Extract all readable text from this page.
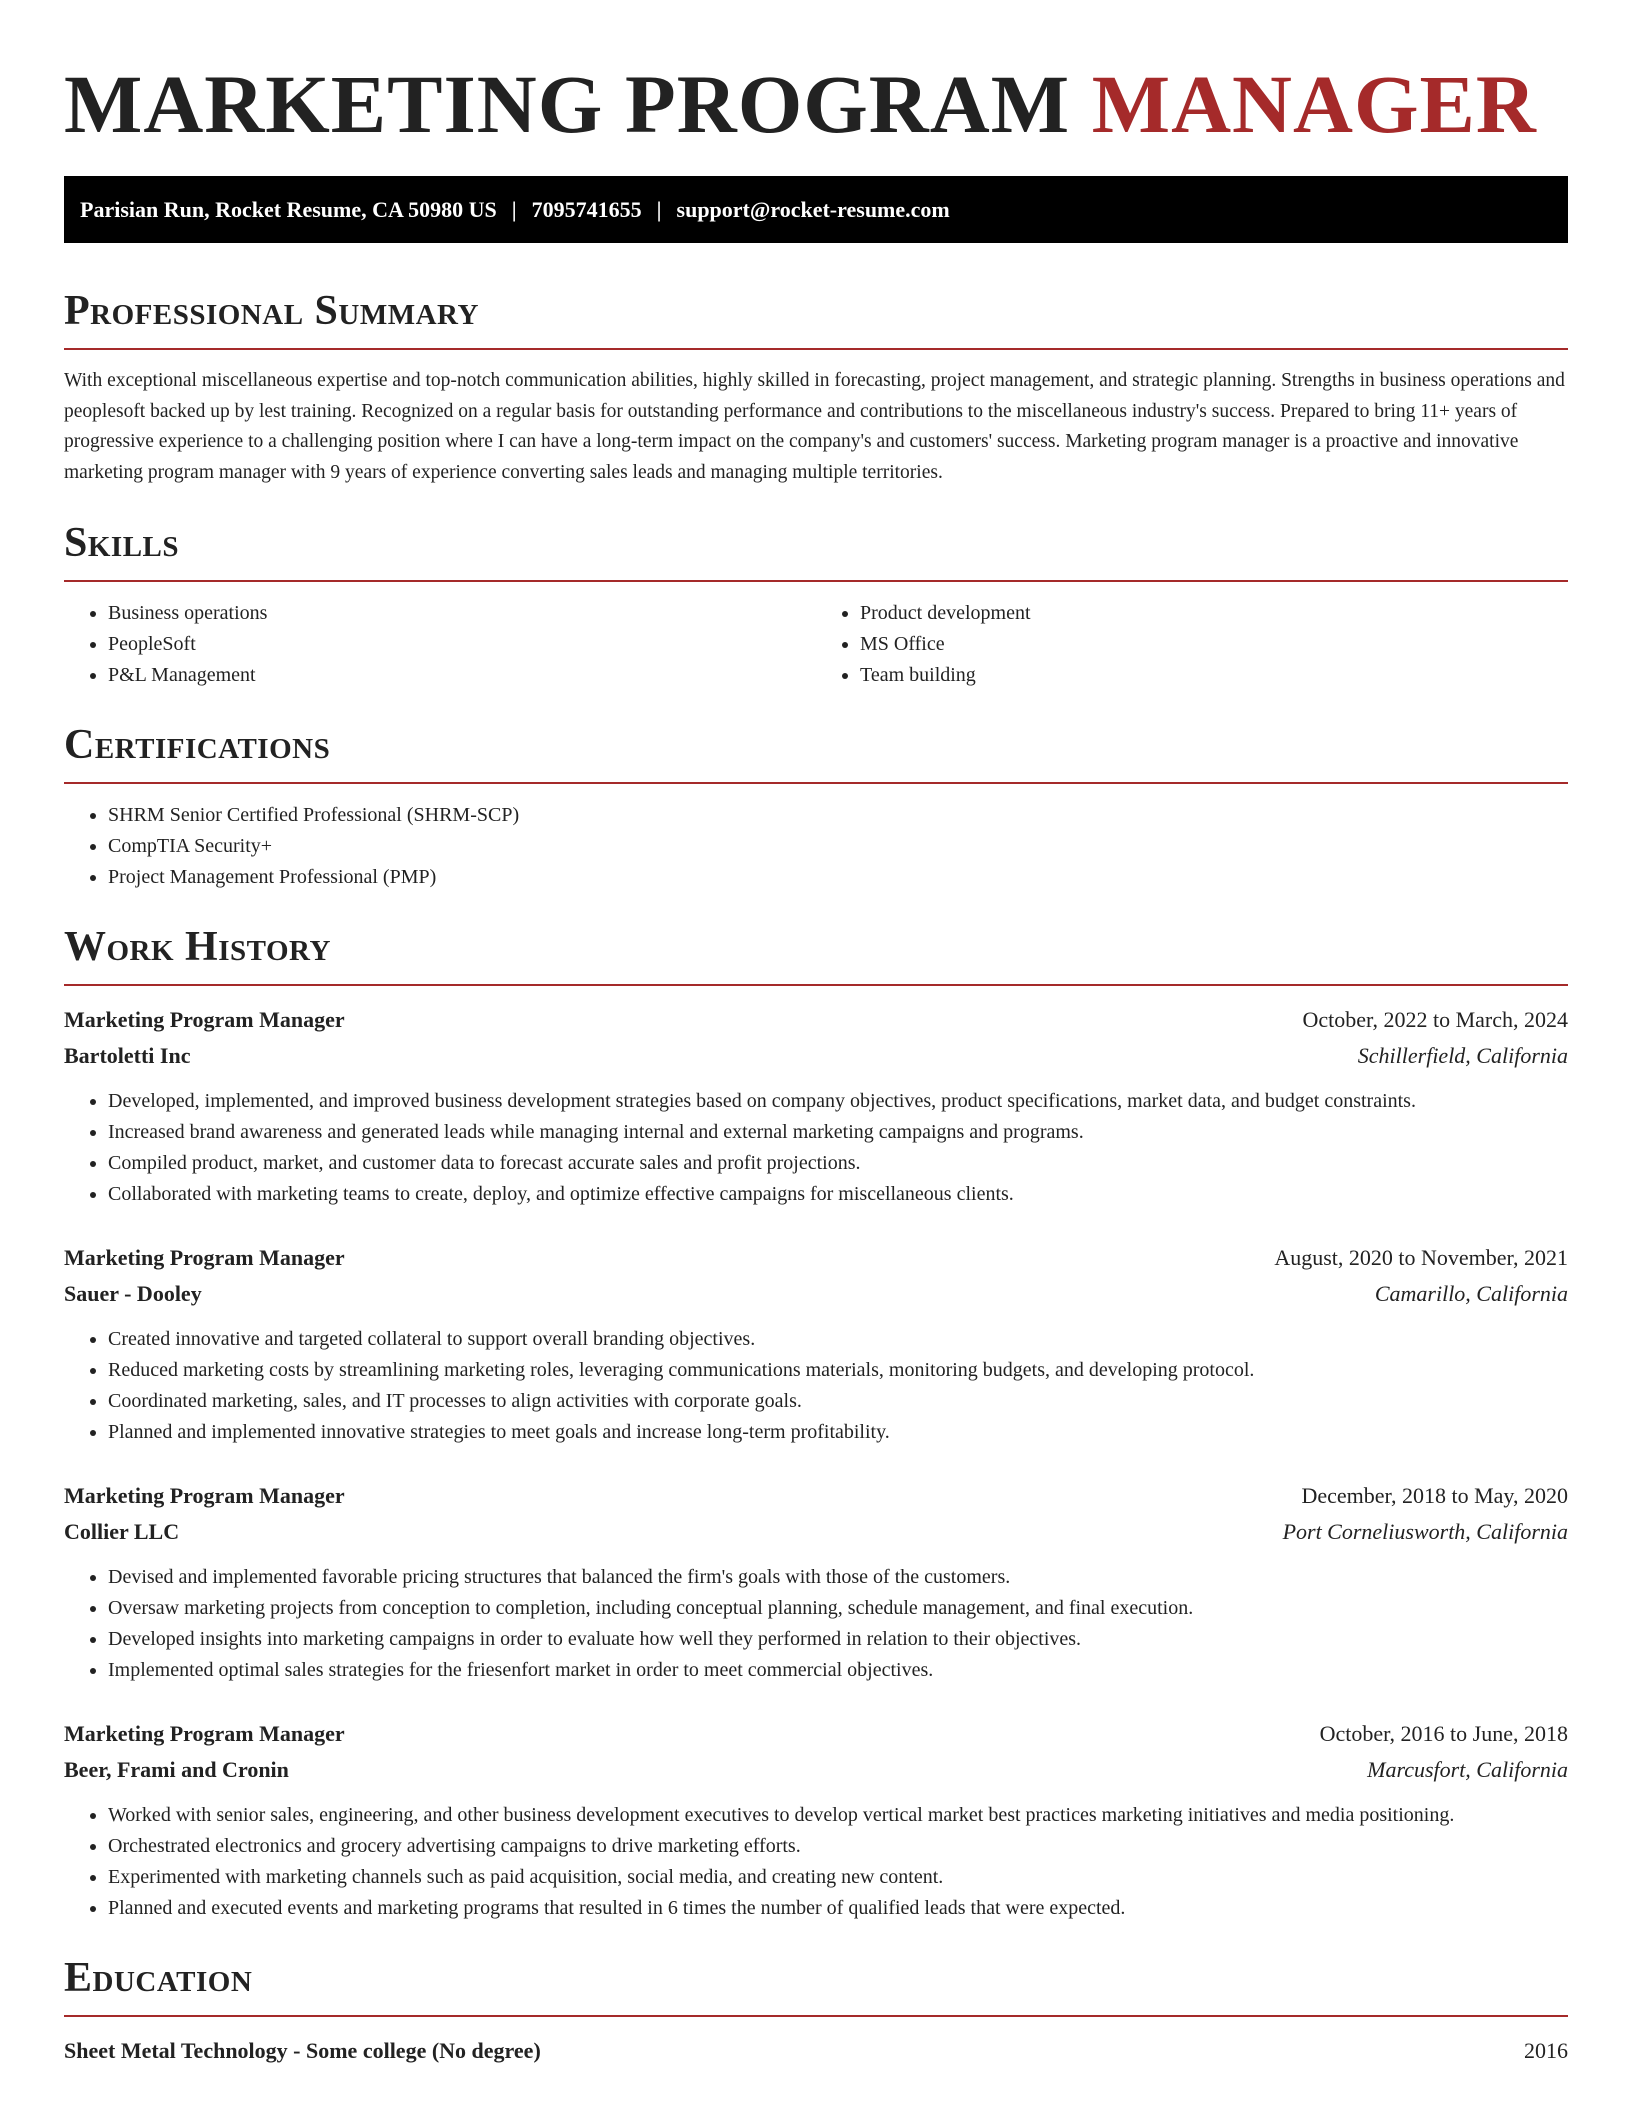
MARKETING PROGRAM MANAGER
Parisian Run, Rocket Resume, CA 50980 US | 7095741655 | support@rocket-resume.com
Professional Summary

With exceptional miscellaneous expertise and top-notch communication abilities, highly skilled in forecasting, project management, and strategic planning. Strengths in business operations and peoplesoft backed up by lest training. Recognized on a regular basis for outstanding performance and contributions to the miscellaneous industry's success. Prepared to bring 11+ years of progressive experience to a challenging position where I can have a long-term impact on the company's and customers' success. Marketing program manager is a proactive and innovative marketing program manager with 9 years of experience converting sales leads and managing multiple territories.

Skills
• Business operations
• PeopleSoft
• P&L Management
• Product development
• MS Office
• Team building
Certifications
• SHRM Senior Certified Professional (SHRM-SCP)
• CompTIA Security+
• Project Management Professional (PMP)
Work History
Marketing Program Manager	October, 2022 to March, 2024
Bartoletti Inc	Schillerfield, California
• Developed, implemented, and improved business development strategies based on company objectives, product specifications, market data, and budget constraints.
• Increased brand awareness and generated leads while managing internal and external marketing campaigns and programs.
• Compiled product, market, and customer data to forecast accurate sales and profit projections.
• Collaborated with marketing teams to create, deploy, and optimize effective campaigns for miscellaneous clients.
Marketing Program Manager	August, 2020 to November, 2021
Sauer - Dooley	Camarillo, California
• Created innovative and targeted collateral to support overall branding objectives.
• Reduced marketing costs by streamlining marketing roles, leveraging communications materials, monitoring budgets, and developing protocol.
• Coordinated marketing, sales, and IT processes to align activities with corporate goals.
• Planned and implemented innovative strategies to meet goals and increase long-term profitability.
Marketing Program Manager	December, 2018 to May, 2020
Collier LLC	Port Corneliusworth, California
• Devised and implemented favorable pricing structures that balanced the firm's goals with those of the customers.
• Oversaw marketing projects from conception to completion, including conceptual planning, schedule management, and final execution.
• Developed insights into marketing campaigns in order to evaluate how well they performed in relation to their objectives.
• Implemented optimal sales strategies for the friesenfort market in order to meet commercial objectives.
Marketing Program Manager	October, 2016 to June, 2018
Beer, Frami and Cronin	Marcusfort, California
• Worked with senior sales, engineering, and other business development executives to develop vertical market best practices marketing initiatives and media positioning.
• Orchestrated electronics and grocery advertising campaigns to drive marketing efforts.
• Experimented with marketing channels such as paid acquisition, social media, and creating new content.
• Planned and executed events and marketing programs that resulted in 6 times the number of qualified leads that were expected.
Education
Sheet Metal Technology - Some college (No degree)	2016
